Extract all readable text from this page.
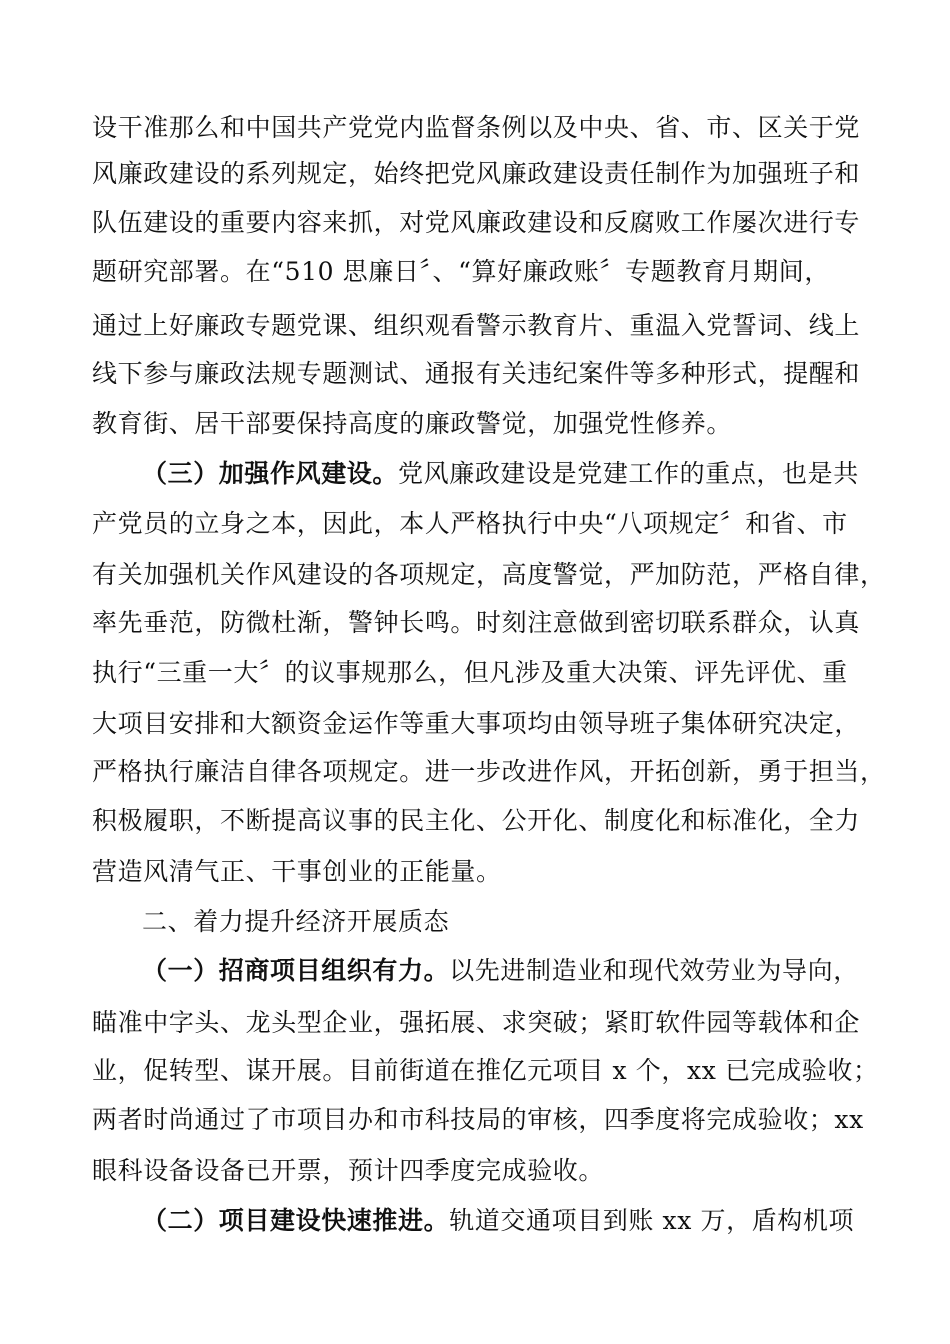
设干准那么和中国共产党党内监督条例以及中央、省、市、区关于党
风廉政建设的系列规定，始终把党风廉政建设责任制作为加强班子和
队伍建设的重要内容来抓，对党风廉政建设和反腐败工作屡次进行专
题研究部署。在“510 思廉日〞、“算好廉政账〞专题教育月期间，
通过上好廉政专题党课、组织观看警示教育片、重温入党誓词、线上
线下参与廉政法规专题测试、通报有关违纪案件等多种形式，提醒和
教育街、居干部要保持高度的廉政警觉，加强党性修养。
（三）加强作风建设。党风廉政建设是党建工作的重点，也是共
产党员的立身之本，因此，本人严格执行中央“八项规定〞和省、市
有关加强机关作风建设的各项规定，高度警觉，严加防范，严格自律，
率先垂范，防微杜渐，警钟长鸣。时刻注意做到密切联系群众，认真
执行“三重一大〞的议事规那么，但凡涉及重大决策、评先评优、重
大项目安排和大额资金运作等重大事项均由领导班子集体研究决定，
严格执行廉洁自律各项规定。进一步改进作风，开拓创新，勇于担当，
积极履职，不断提高议事的民主化、公开化、制度化和标准化，全力
营造风清气正、干事创业的正能量。
二、着力提升经济开展质态
（一）招商项目组织有力。以先进制造业和现代效劳业为导向，
瞄准中字头、龙头型企业，强拓展、求突破；紧盯软件园等载体和企
业，促转型、谋开展。目前街道在推亿元项目 x 个，xx 已完成验收；
两者时尚通过了市项目办和市科技局的审核，四季度将完成验收；xx
眼科设备设备已开票，预计四季度完成验收。
（二）项目建设快速推进。轨道交通项目到账 xx 万，盾构机项
